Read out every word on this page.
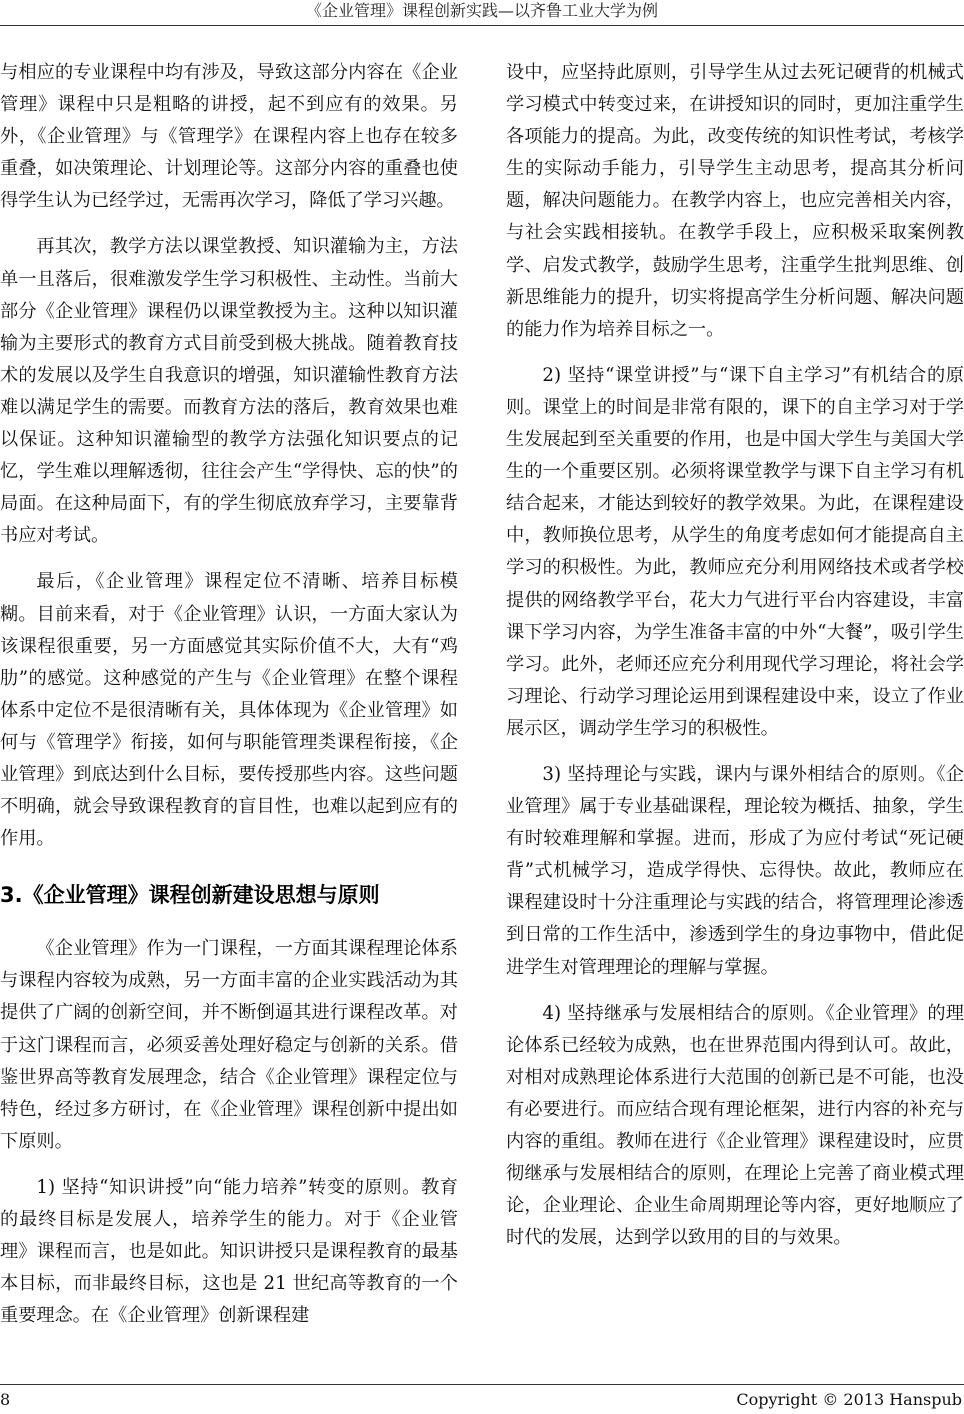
《企业管理》课程创新实践—以齐鲁工业大学为例

与相应的专业课程中均有涉及，导致这部分内容在《企业管理》课程中只是粗略的讲授，起不到应有的效果。另外，《企业管理》与《管理学》在课程内容上也存在较多重叠，如决策理论、计划理论等。这部分内容的重叠也使得学生认为已经学过，无需再次学习，降低了学习兴趣。

再其次，教学方法以课堂教授、知识灌输为主，方法单一且落后，很难激发学生学习积极性、主动性。当前大部分《企业管理》课程仍以课堂教授为主。这种以知识灌输为主要形式的教育方式目前受到极大挑战。随着教育技术的发展以及学生自我意识的增强，知识灌输性教育方法难以满足学生的需要。而教育方法的落后，教育效果也难以保证。这种知识灌输型的教学方法强化知识要点的记忆，学生难以理解透彻，往往会产生“学得快、忘的快”的局面。在这种局面下，有的学生彻底放弃学习，主要靠背书应对考试。

最后，《企业管理》课程定位不清晰、培养目标模糊。目前来看，对于《企业管理》认识，一方面大家认为该课程很重要，另一方面感觉其实际价值不大，大有“鸡肋”的感觉。这种感觉的产生与《企业管理》在整个课程体系中定位不是很清晰有关，具体体现为《企业管理》如何与《管理学》衔接，如何与职能管理类课程衔接，《企业管理》到底达到什么目标，要传授那些内容。这些问题不明确，就会导致课程教育的盲目性，也难以起到应有的作用。

3.《企业管理》课程创新建设思想与原则

《企业管理》作为一门课程，一方面其课程理论体系与课程内容较为成熟，另一方面丰富的企业实践活动为其提供了广阔的创新空间，并不断倒逼其进行课程改革。对于这门课程而言，必须妥善处理好稳定与创新的关系。借鉴世界高等教育发展理念，结合《企业管理》课程定位与特色，经过多方研讨，在《企业管理》课程创新中提出如下原则。

1) 坚持“知识讲授”向“能力培养”转变的原则。教育的最终目标是发展人，培养学生的能力。对于《企业管理》课程而言，也是如此。知识讲授只是课程教育的最基本目标，而非最终目标，这也是 21 世纪高等教育的一个重要理念。在《企业管理》创新课程建

设中，应坚持此原则，引导学生从过去死记硬背的机械式学习模式中转变过来，在讲授知识的同时，更加注重学生各项能力的提高。为此，改变传统的知识性考试，考核学生的实际动手能力，引导学生主动思考，提高其分析问题，解决问题能力。在教学内容上，也应完善相关内容，与社会实践相接轨。在教学手段上，应积极采取案例教学、启发式教学，鼓励学生思考，注重学生批判思维、创新思维能力的提升，切实将提高学生分析问题、解决问题的能力作为培养目标之一。

2) 坚持“课堂讲授”与“课下自主学习”有机结合的原则。课堂上的时间是非常有限的，课下的自主学习对于学生发展起到至关重要的作用，也是中国大学生与美国大学生的一个重要区别。必须将课堂教学与课下自主学习有机结合起来，才能达到较好的教学效果。为此，在课程建设中，教师换位思考，从学生的角度考虑如何才能提高自主学习的积极性。为此，教师应充分利用网络技术或者学校提供的网络教学平台，花大力气进行平台内容建设，丰富课下学习内容，为学生准备丰富的中外“大餐”，吸引学生学习。此外，老师还应充分利用现代学习理论，将社会学习理论、行动学习理论运用到课程建设中来，设立了作业展示区，调动学生学习的积极性。

3) 坚持理论与实践，课内与课外相结合的原则。《企业管理》属于专业基础课程，理论较为概括、抽象，学生有时较难理解和掌握。进而，形成了为应付考试“死记硬背”式机械学习，造成学得快、忘得快。故此，教师应在课程建设时十分注重理论与实践的结合，将管理理论渗透到日常的工作生活中，渗透到学生的身边事物中，借此促进学生对管理理论的理解与掌握。

4) 坚持继承与发展相结合的原则。《企业管理》的理论体系已经较为成熟，也在世界范围内得到认可。故此，对相对成熟理论体系进行大范围的创新已是不可能，也没有必要进行。而应结合现有理论框架，进行内容的补充与内容的重组。教师在进行《企业管理》课程建设时，应贯彻继承与发展相结合的原则，在理论上完善了商业模式理论，企业理论、企业生命周期理论等内容，更好地顺应了时代的发展，达到学以致用的目的与效果。

8	Copyright © 2013 Hanspub
